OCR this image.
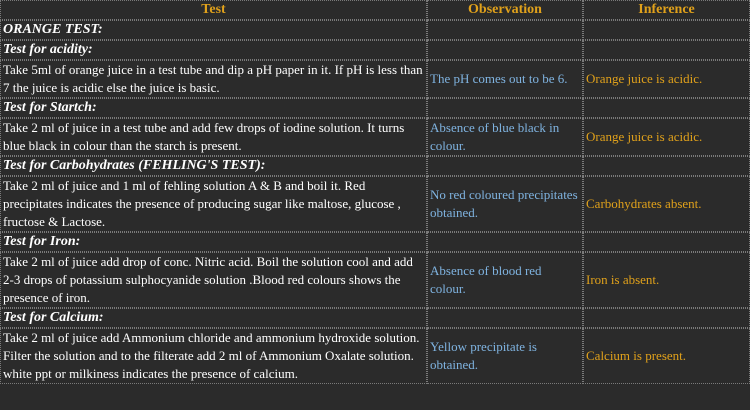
Test	Observation	Inference
ORANGE TEST:		
Test for acidity:		
Take 5ml of orange juice in a test tube and dip a pH paper in it. If pH is less than 7 the juice is acidic else the juice is basic.	The pH comes out to be 6.	Orange juice is acidic.
Test for Startch:		
Take 2 ml of juice in a test tube and add few drops of iodine solution. It turns blue black in colour than the starch is present.	Absence of blue black in colour.	Orange juice is acidic.
Test for Carbohydrates (FEHLING'S TEST):		
Take 2 ml of juice and 1 ml of fehling solution A & B and boil it. Red precipitates indicates the presence of producing sugar like maltose, glucose , fructose & Lactose.	No red coloured precipitates obtained.	Carbohydrates absent.
Test for Iron:		
Take 2 ml of juice add drop of conc. Nitric acid. Boil the solution cool and add 2-3 drops of potassium sulphocyanide solution .Blood red colours shows the presence of iron.	Absence of blood red colour.	Iron is absent.
Test for Calcium:		
Take 2 ml of juice add Ammonium chloride and ammonium hydroxide solution. Filter the solution and to the filterate add 2 ml of Ammonium Oxalate solution. white ppt or milkiness indicates the presence of calcium.	Yellow precipitate is obtained.	Calcium is present.
